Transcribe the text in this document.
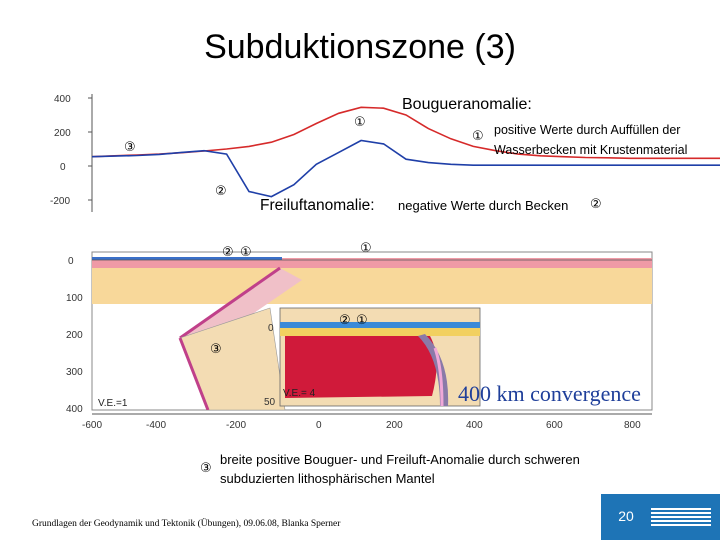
Subduktionszone (3)
400
200
0
-200
①
③
②
Bougueranomalie:
① positive Werte durch Auffüllen der Wasserbecken mit Krustenmaterial
Freiluftanomalie: negative Werte durch Becken ②
0
50
V.E.= 4
V.E.=1
0
100
200
300
400
-600	-400	-200	0	200	400	600	800
400 km convergence
② ①	①
② ①
③
③
breite positive Bouguer- und Freiluft-Anomalie durch schweren subduzierten lithosphärischen Mantel
Grundlagen der Geodynamik und Tektonik (Übungen), 09.06.08, Blanka Sperner	20
